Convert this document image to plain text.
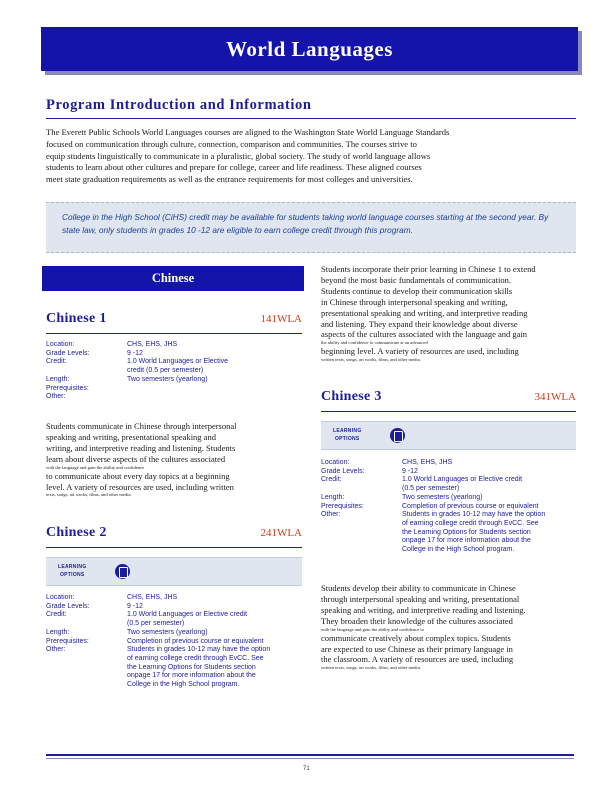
World Languages
Program Introduction and Information
The Everett Public Schools World Languages courses are aligned to the Washington State World Language Standards
focused on communication through culture, connection, comparison and communities. The courses strive to
equip students linguistically to communicate in a pluralistic, global society. The study of world language allows
students to learn about other cultures and prepare for college, career and life readiness. These aligned courses
meet state graduation requirements as well as the entrance requirements for most colleges and universities.
College in the High School (CiHS) credit may be available for students taking world language courses starting at the second year. By state law, only students in grades 10 -12 are eligible to earn college credit through this program.
Chinese
Chinese 1	141WLA
Location:	CHS, EHS, JHS
Grade Levels:	9 -12
Credit:	1.0 World Languages or Elective
credit (0.5 per semester)
Length:	Two semesters (yearlong)
Prerequisites:
Other:
Students communicate in Chinese through interpersonal
speaking and writing, presentational speaking and
writing, and interpretive reading and listening. Students
learn about diverse aspects of the cultures associated
with the language and gain the ability and confidence
to communicate about every day topics at a beginning
level. A variety of resources are used, including written
texts, songs, art works, films, and other media.
Chinese 2	241WLA
LEARNING
OPTIONS
Location:	CHS, EHS, JHS
Grade Levels:	9 -12
Credit:	1.0 World Languages or Elective credit
(0.5 per semester)
Length:	Two semesters (yearlong)
Prerequisites:	Completion of previous course or equivalent
Other:	Students in grades 10-12 may have the option
of earning college credit through EvCC. See
the Learning Options for Students section
onpage 17 for more information about the
College in the High School program.
Students incorporate their prior learning in Chinese 1 to extend
beyond the most basic fundamentals of communication.
Students continue to develop their communication skills
in Chinese through interpersonal speaking and writing,
presentational speaking and writing, and interpretive reading
and listening. They expand their knowledge about diverse
aspects of the cultures associated with the language and gain
the ability and confidence to communicate at an advanced
beginning level. A variety of resources are used, including
written texts, songs, art works, films, and other media.
Chinese 3	341WLA
LEARNING
OPTIONS
Location:	CHS, EHS, JHS
Grade Levels:	9 -12
Credit:	1.0 World Languages or Elective credit
(0.5 per semester)
Length:	Two semesters (yearlong)
Prerequisites:	Completion of previous course or equivalent
Other:	Students in grades 10-12 may have the option
of earning college credit through EvCC. See
the Learning Options for Students section
onpage 17 for more information about the
College in the High School program.
Students develop their ability to communicate in Chinese
through interpersonal speaking and writing, presentational
speaking and writing, and interpretive reading and listening.
They broaden their knowledge of the cultures associated
with the language and gain the ability and confidence to
communicate creatively about complex topics. Students
are expected to use Chinese as their primary language in
the classroom. A variety of resources are used, including
written texts, songs, art works, films, and other media.
71
